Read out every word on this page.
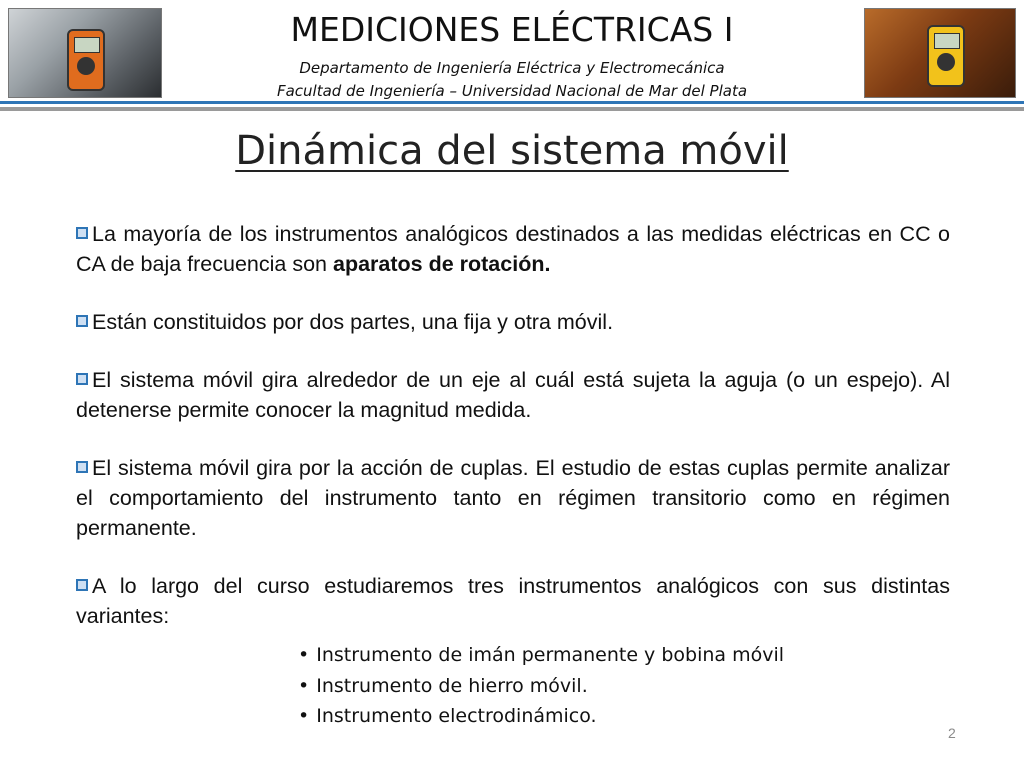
MEDICIONES ELÉCTRICAS I
Departamento de Ingeniería Eléctrica y Electromecánica
Facultad de Ingeniería – Universidad Nacional de Mar del Plata
Dinámica del sistema móvil

La mayoría de los instrumentos analógicos destinados a las medidas eléctricas en CC o CA de baja frecuencia son aparatos de rotación.

Están constituidos por dos partes, una fija y otra móvil.

El sistema móvil gira alrededor de un eje al cuál está sujeta la aguja (o un espejo). Al detenerse permite conocer la magnitud medida.

El sistema móvil gira por la acción de cuplas. El estudio de estas cuplas permite analizar el comportamiento del instrumento tanto en régimen transitorio como en régimen permanente.

A lo largo del curso estudiaremos tres instrumentos analógicos con sus distintas variantes:

• Instrumento de imán permanente y bobina móvil
• Instrumento de hierro móvil.
• Instrumento electrodinámico.
2
